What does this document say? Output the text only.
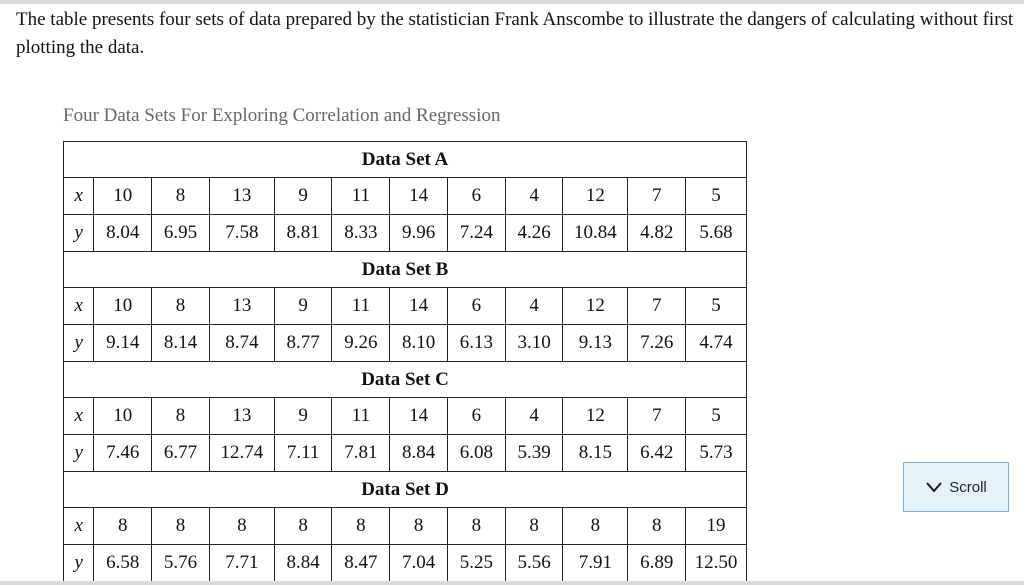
The table presents four sets of data prepared by the statistician Frank Anscombe to illustrate the dangers of calculating without first plotting the data.
Four Data Sets For Exploring Correlation and Regression
Data Set A											
x	10	8	13	9	11	14	6	4	12	7	5
y	8.04	6.95	7.58	8.81	8.33	9.96	7.24	4.26	10.84	4.82	5.68
Data Set B											
x	10	8	13	9	11	14	6	4	12	7	5
y	9.14	8.14	8.74	8.77	9.26	8.10	6.13	3.10	9.13	7.26	4.74
Data Set C											
x	10	8	13	9	11	14	6	4	12	7	5
y	7.46	6.77	12.74	7.11	7.81	8.84	6.08	5.39	8.15	6.42	5.73
Data Set D											
x	8	8	8	8	8	8	8	8	8	8	19
y	6.58	5.76	7.71	8.84	8.47	7.04	5.25	5.56	7.91	6.89	12.50
Scroll
